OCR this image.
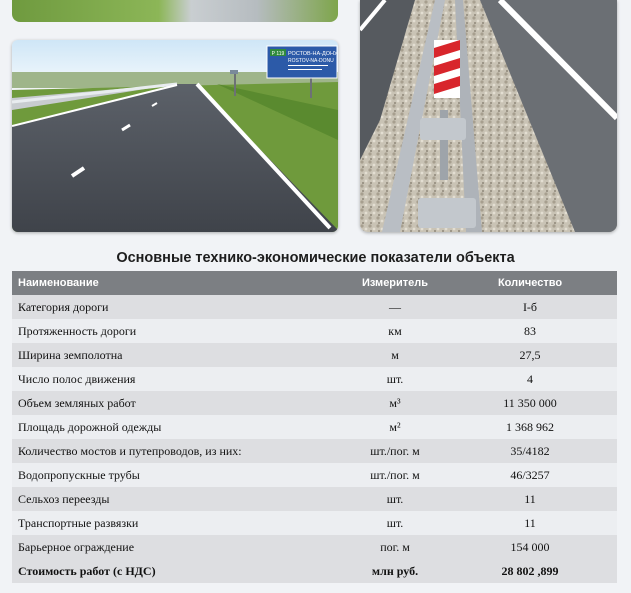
Р 119 РОСТОВ-НА-ДОНУ
ROSTOV-NA-DONU
Основные технико-экономические показатели объекта
Наименование	Измеритель	Количество
Категория дороги	—	I-б
Протяженность дороги	км	83
Ширина земполотна	м	27,5
Число полос движения	шт.	4
Объем земляных работ	м³	11 350 000
Площадь дорожной одежды	м²	1 368 962
Количество мостов и путепроводов, из них:	шт./пог. м	35/4182
Водопропускные трубы	шт./пог. м	46/3257
Сельхоз переезды	шт.	11
Транспортные развязки	шт.	11
Барьерное ограждение	пог. м	154 000
Стоимость работ (с НДС)	млн руб.	28 802 ,899
